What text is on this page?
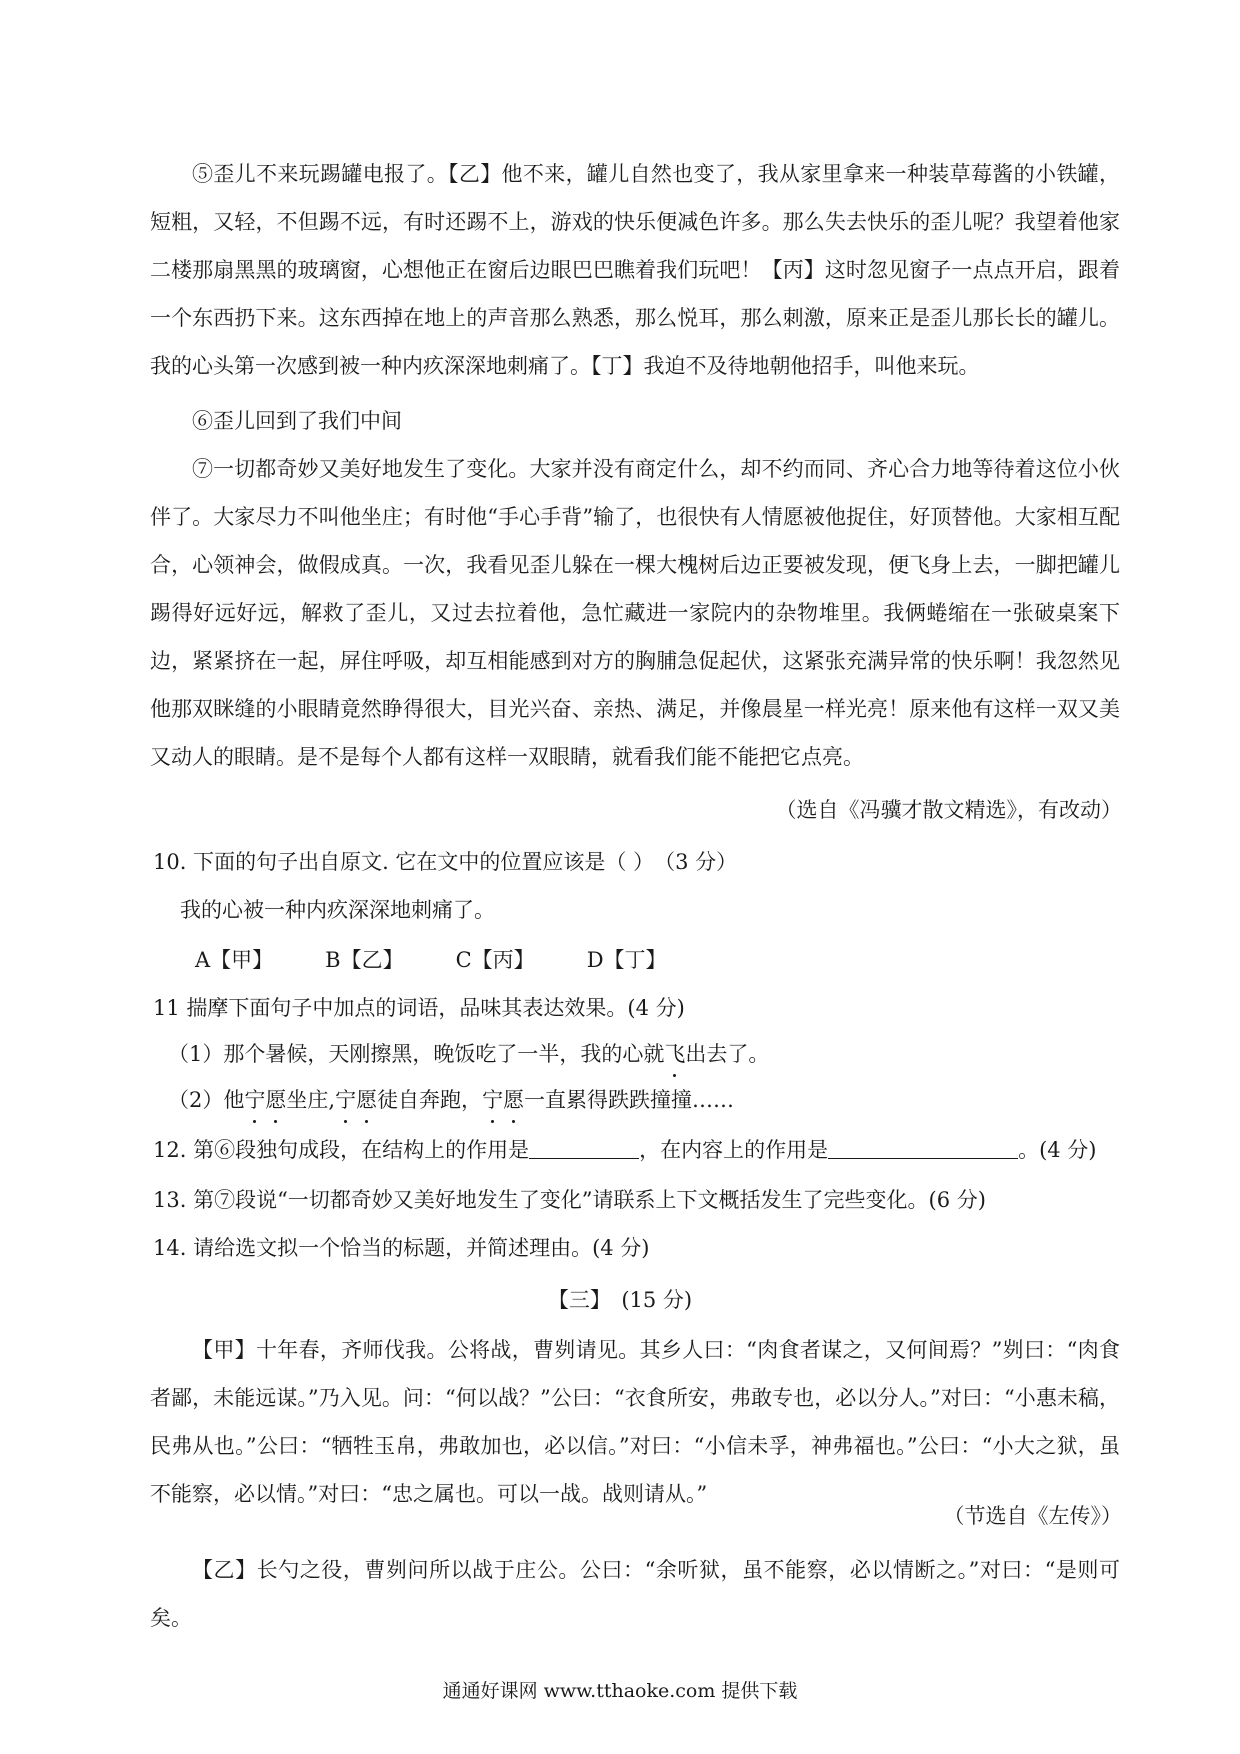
⑤歪儿不来玩踢罐电报了。【乙】他不来，罐儿自然也变了，我从家里拿来一种装草莓酱的小铁罐，短粗，又轻，不但踢不远，有时还踢不上，游戏的快乐便减色许多。那么失去快乐的歪儿呢？我望着他家二楼那扇黑黑的玻璃窗，心想他正在窗后边眼巴巴瞧着我们玩吧！【丙】这时忽见窗子一点点开启，跟着一个东西扔下来。这东西掉在地上的声音那么熟悉，那么悦耳，那么刺激，原来正是歪儿那长长的罐儿。我的心头第一次感到被一种内疚深深地刺痛了。【丁】我迫不及待地朝他招手，叫他来玩。

⑥歪儿回到了我们中间

⑦一切都奇妙又美好地发生了变化。大家并没有商定什么，却不约而同、齐心合力地等待着这位小伙伴了。大家尽力不叫他坐庄；有时他“手心手背”输了，也很快有人情愿被他捉住，好顶替他。大家相互配合，心领神会，做假成真。一次，我看见歪儿躲在一棵大槐树后边正要被发现，便飞身上去，一脚把罐儿踢得好远好远，解救了歪儿，又过去拉着他，急忙藏进一家院内的杂物堆里。我俩蜷缩在一张破桌案下边，紧紧挤在一起，屏住呼吸，却互相能感到对方的胸脯急促起伏，这紧张充满异常的快乐啊！我忽然见他那双眯缝的小眼睛竟然睁得很大，目光兴奋、亲热、满足，并像晨星一样光亮！原来他有这样一双又美又动人的眼睛。是不是每个人都有这样一双眼睛，就看我们能不能把它点亮。

（选自《冯骥才散文精选》，有改动）

10. 下面的句子出自原文. 它在文中的位置应该是（ ）　（3 分）

我的心被一种内疚深深地刺痛了。

A【甲】 B【乙】 C【丙】 D【丁】

11 揣摩下面句子中加点的词语，品味其表达效果。(4 分)

（1）那个暑候，天刚擦黑，晚饭吃了一半，我的心就飞出去了。

（2）他宁愿坐庄,宁愿徒自奔跑，宁愿一直累得跌跌撞撞……

12. 第⑥段独句成段，在结构上的作用是	，在内容上的作用是	。(4 分)

13. 第⑦段说“一切都奇妙又美好地发生了变化”请联系上下文概括发生了完些变化。(6 分)

14. 请给选文拟一个恰当的标题，并简述理由。(4 分)

【三】　(15 分)

【甲】十年春，齐师伐我。公将战，曹刿请见。其乡人曰：“肉食者谋之，又何间焉？”刿曰：“肉食者鄙，未能远谋。”乃入见。问：“何以战？”公曰：“衣食所安，弗敢专也，必以分人。”对曰：“小惠未稿，民弗从也。”公曰：“牺牲玉帛，弗敢加也，必以信。”对曰：“小信未孚，神弗福也。”公曰：“小大之狱，虽不能察，必以情。”对曰：“忠之属也。可以一战。战则请从。”

（节选自《左传》）

【乙】长勺之役，曹刿问所以战于庄公。公曰：“余听狱，虽不能察，必以情断之。”对曰：“是则可矣。

通通好课网 www.tthaoke.com 提供下载
